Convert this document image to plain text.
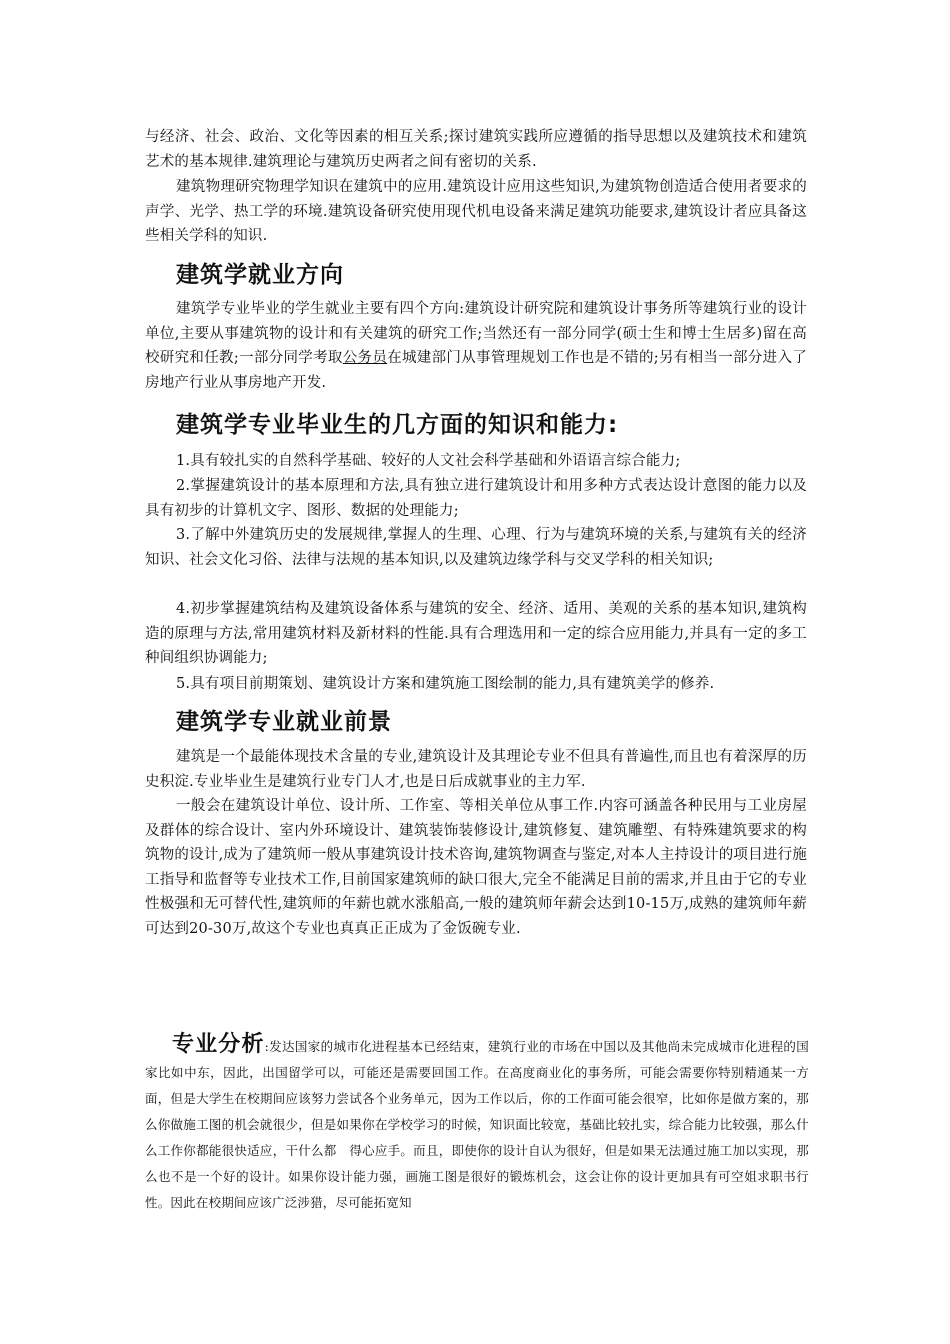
与经济、社会、政治、文化等因素的相互关系;探讨建筑实践所应遵循的指导思想以及建筑技术和建筑艺术的基本规律.建筑理论与建筑历史两者之间有密切的关系.

建筑物理研究物理学知识在建筑中的应用.建筑设计应用这些知识,为建筑物创造适合使用者要求的声学、光学、热工学的环境.建筑设备研究使用现代机电设备来满足建筑功能要求,建筑设计者应具备这些相关学科的知识.

建筑学就业方向

建筑学专业毕业的学生就业主要有四个方向:建筑设计研究院和建筑设计事务所等建筑行业的设计单位,主要从事建筑物的设计和有关建筑的研究工作;当然还有一部分同学(硕士生和博士生居多)留在高校研究和任教;一部分同学考取公务员在城建部门从事管理规划工作也是不错的;另有相当一部分进入了房地产行业从事房地产开发.

建筑学专业毕业生的几方面的知识和能力:

1.具有较扎实的自然科学基础、较好的人文社会科学基础和外语语言综合能力;

2.掌握建筑设计的基本原理和方法,具有独立进行建筑设计和用多种方式表达设计意图的能力以及具有初步的计算机文字、图形、数据的处理能力;

3.了解中外建筑历史的发展规律,掌握人的生理、心理、行为与建筑环境的关系,与建筑有关的经济知识、社会文化习俗、法律与法规的基本知识,以及建筑边缘学科与交叉学科的相关知识;

4.初步掌握建筑结构及建筑设备体系与建筑的安全、经济、适用、美观的关系的基本知识,建筑构造的原理与方法,常用建筑材料及新材料的性能.具有合理选用和一定的综合应用能力,并具有一定的多工种间组织协调能力;

5.具有项目前期策划、建筑设计方案和建筑施工图绘制的能力,具有建筑美学的修养.

建筑学专业就业前景

建筑是一个最能体现技术含量的专业,建筑设计及其理论专业不但具有普遍性,而且也有着深厚的历史积淀.专业毕业生是建筑行业专门人才,也是日后成就事业的主力军.

一般会在建筑设计单位、设计所、工作室、等相关单位从事工作.内容可涵盖各种民用与工业房屋及群体的综合设计、室内外环境设计、建筑装饰装修设计,建筑修复、建筑雕塑、有特殊建筑要求的构筑物的设计,成为了建筑师一般从事建筑设计技术咨询,建筑物调查与鉴定,对本人主持设计的项目进行施工指导和监督等专业技术工作,目前国家建筑师的缺口很大,完全不能满足目前的需求,并且由于它的专业性极强和无可替代性,建筑师的年薪也就水涨船高,一般的建筑师年薪会达到10-15万,成熟的建筑师年薪可达到20-30万,故这个专业也真真正正成为了金饭碗专业.

专业分析:发达国家的城市化进程基本已经结束，建筑行业的市场在中国以及其他尚未完成城市化进程的国家比如中东，因此，出国留学可以，可能还是需要回国工作。在高度商业化的事务所，可能会需要你特别精通某一方面，但是大学生在校期间应该努力尝试各个业务单元，因为工作以后，你的工作面可能会很窄，比如你是做方案的，那么你做施工图的机会就很少，但是如果你在学校学习的时候，知识面比较宽，基础比较扎实，综合能力比较强，那么什么工作你都能很快适应，干什么都　得心应手。而且，即使你的设计自认为很好，但是如果无法通过施工加以实现，那么也不是一个好的设计。如果你设计能力强，画施工图是很好的锻炼机会，这会让你的设计更加具有可空姐求职书行性。因此在校期间应该广泛涉猎，尽可能拓宽知
